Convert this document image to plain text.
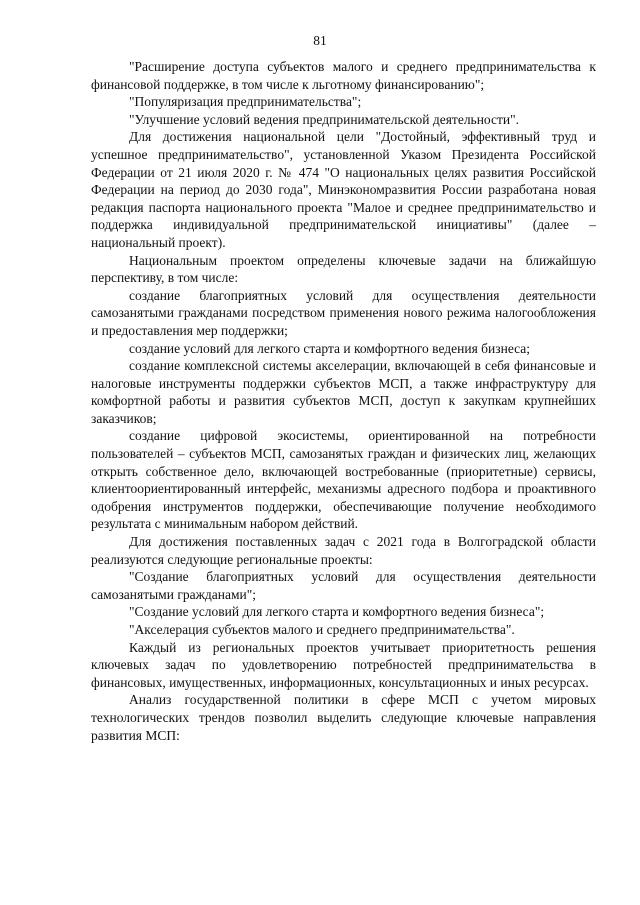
81

"Расширение доступа субъектов малого и среднего предпринимательства к финансовой поддержке, в том числе к льготному финансированию";

"Популяризация предпринимательства";

"Улучшение условий ведения предпринимательской деятельности".

Для достижения национальной цели "Достойный, эффективный труд и успешное предпринимательство", установленной Указом Президента Российской Федерации от 21 июля 2020 г. № 474 "О национальных целях развития Российской Федерации на период до 2030 года", Минэкономразвития России разработана новая редакция паспорта национального проекта "Малое и среднее предпринимательство и поддержка индивидуальной предпринимательской инициативы" (далее – национальный проект).

Национальным проектом определены ключевые задачи на ближайшую перспективу, в том числе:

создание благоприятных условий для осуществления деятельности самозанятыми гражданами посредством применения нового режима налогообложения и предоставления мер поддержки;

создание условий для легкого старта и комфортного ведения бизнеса;

создание комплексной системы акселерации, включающей в себя финансовые и налоговые инструменты поддержки субъектов МСП, а также инфраструктуру для комфортной работы и развития субъектов МСП, доступ к закупкам крупнейших заказчиков;

создание цифровой экосистемы, ориентированной на потребности пользователей – субъектов МСП, самозанятых граждан и физических лиц, желающих открыть собственное дело, включающей востребованные (приоритетные) сервисы, клиентоориентированный интерфейс, механизмы адресного подбора и проактивного одобрения инструментов поддержки, обеспечивающие получение необходимого результата с минимальным набором действий.

Для достижения поставленных задач с 2021 года в Волгоградской области реализуются следующие региональные проекты:

"Создание благоприятных условий для осуществления деятельности самозанятыми гражданами";

"Создание условий для легкого старта и комфортного ведения бизнеса";

"Акселерация субъектов малого и среднего предпринимательства".

Каждый из региональных проектов учитывает приоритетность решения ключевых задач по удовлетворению потребностей предпринимательства в финансовых, имущественных, информационных, консультационных и иных ресурсах.

Анализ государственной политики в сфере МСП с учетом мировых технологических трендов позволил выделить следующие ключевые направления развития МСП:
